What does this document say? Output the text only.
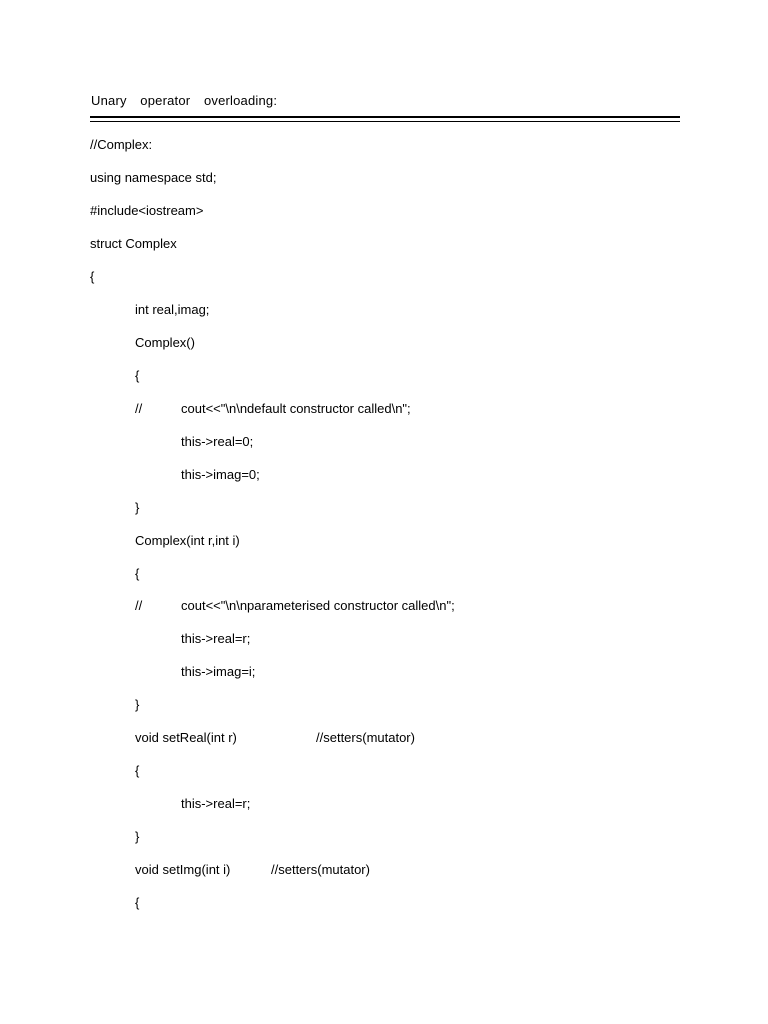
Unary  operator  overloading:
//Complex:
using namespace std;
#include<iostream>
struct Complex
{
int real,imag;
Complex()
{
//	cout<<"\n\ndefault constructor called\n";
this->real=0;
this->imag=0;
}
Complex(int r,int i)
{
//	cout<<"\n\nparameterised constructor called\n";
this->real=r;
this->imag=i;
}
void setReal(int r)	//setters(mutator)
{
this->real=r;
}
void setImg(int i)	//setters(mutator)
{
